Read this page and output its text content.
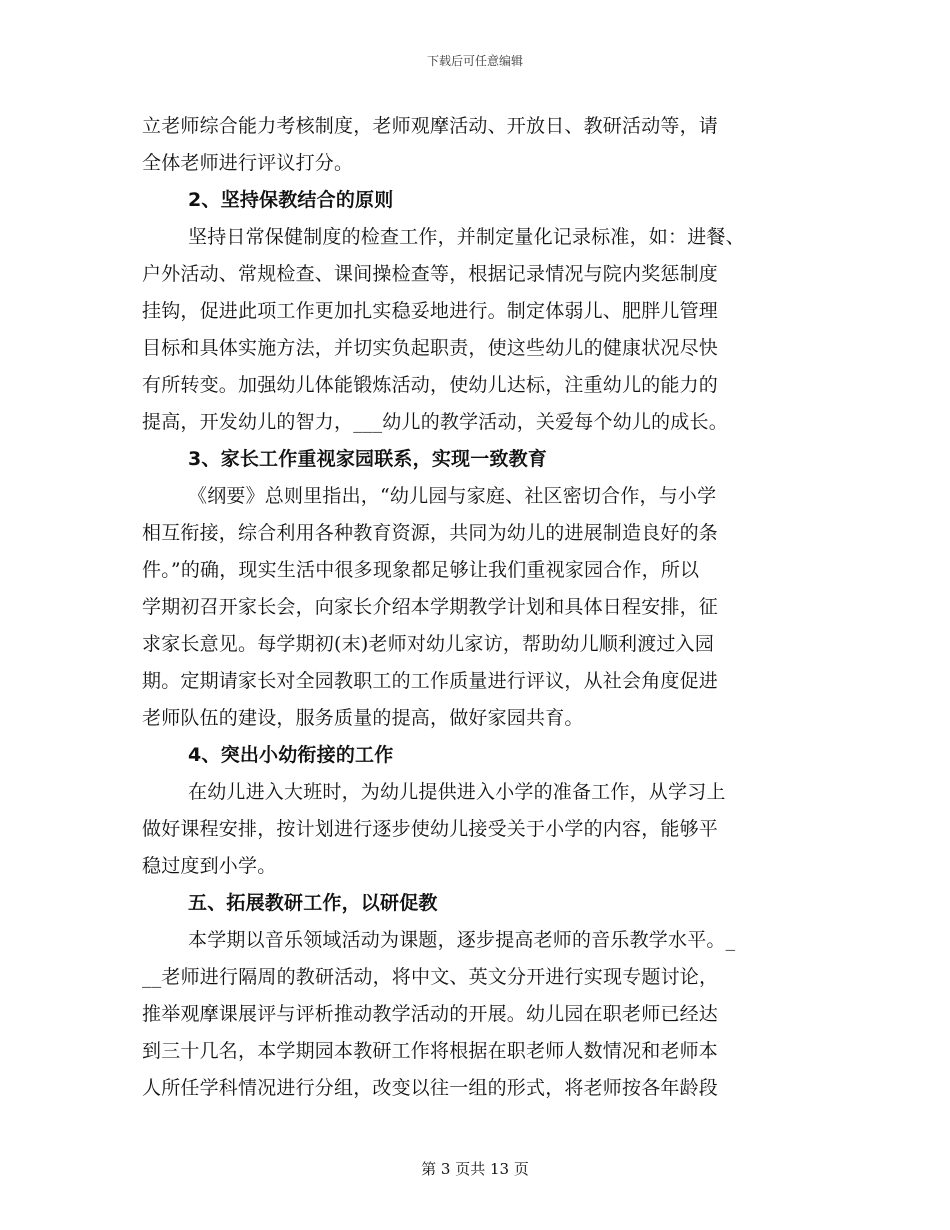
下载后可任意编辑
立老师综合能力考核制度，老师观摩活动、开放日、教研活动等，请
全体老师进行评议打分。
2、坚持保教结合的原则
坚持日常保健制度的检查工作，并制定量化记录标准，如：进餐、
户外活动、常规检查、课间操检查等，根据记录情况与院内奖惩制度
挂钩，促进此项工作更加扎实稳妥地进行。制定体弱儿、肥胖儿管理
目标和具体实施方法，并切实负起职责，使这些幼儿的健康状况尽快
有所转变。加强幼儿体能锻炼活动，使幼儿达标，注重幼儿的能力的
提高，开发幼儿的智力，___幼儿的教学活动，关爱每个幼儿的成长。
3、家长工作重视家园联系，实现一致教育
《纲要》总则里指出，“幼儿园与家庭、社区密切合作，与小学
相互衔接，综合利用各种教育资源，共同为幼儿的进展制造良好的条
件。”的确，现实生活中很多现象都足够让我们重视家园合作，所以
学期初召开家长会，向家长介绍本学期教学计划和具体日程安排，征
求家长意见。每学期初(末)老师对幼儿家访，帮助幼儿顺利渡过入园
期。定期请家长对全园教职工的工作质量进行评议，从社会角度促进
老师队伍的建设，服务质量的提高，做好家园共育。
4、突出小幼衔接的工作
在幼儿进入大班时，为幼儿提供进入小学的准备工作，从学习上
做好课程安排，按计划进行逐步使幼儿接受关于小学的内容，能够平
稳过度到小学。
五、拓展教研工作，以研促教
本学期以音乐领域活动为课题，逐步提高老师的音乐教学水平。_
__老师进行隔周的教研活动，将中文、英文分开进行实现专题讨论，
推举观摩课展评与评析推动教学活动的开展。幼儿园在职老师已经达
到三十几名，本学期园本教研工作将根据在职老师人数情况和老师本
人所任学科情况进行分组，改变以往一组的形式，将老师按各年龄段
第 3 页共 13 页
